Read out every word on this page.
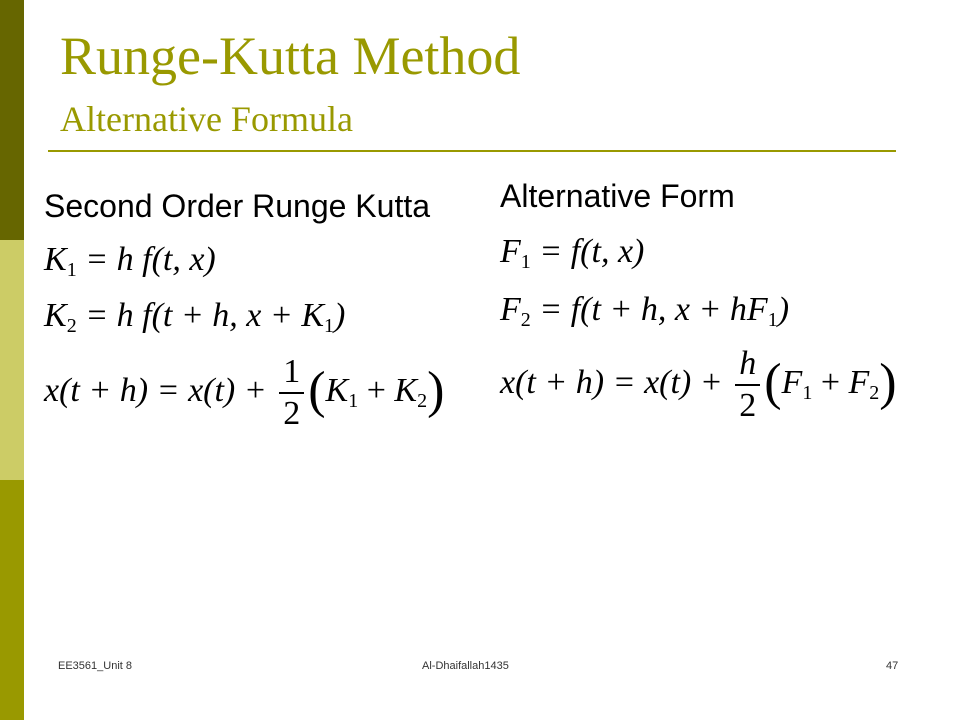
Runge-Kutta Method
Alternative Formula
Second Order Runge Kutta
$K_1 = h$ f(t, x)
$K_2 = h$ f(t + h, $x + K_1$)
$x(t + h) = x(t) + \frac{1}{2} (K_1 + K_2)$
Alternative Form
$F_1 = f(t$, x)
$F_2 = f(t + h$, $x + hF_1$)
$x(t + h) = x(t) + \frac{h}{2} (F_1 + F_2)$
EE3561_Unit 8	Al-Dhaifallah1435	47
